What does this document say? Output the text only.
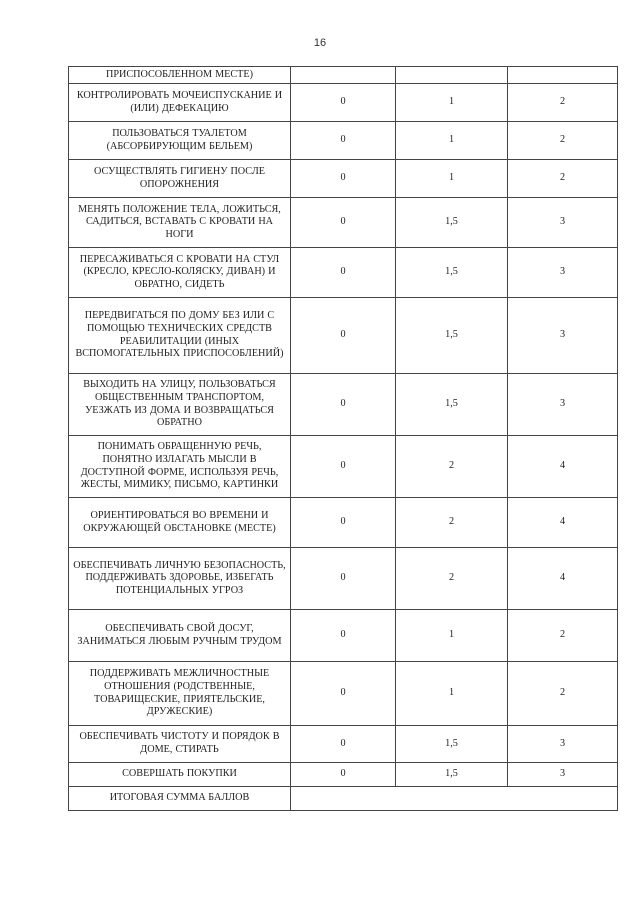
16
ПРИСПОСОБЛЕННОМ МЕСТЕ)			
КОНТРОЛИРОВАТЬ МОЧЕИСПУСКАНИЕ И (ИЛИ) ДЕФЕКАЦИЮ	0	1	2
ПОЛЬЗОВАТЬСЯ ТУАЛЕТОМ (АБСОРБИРУЮЩИМ БЕЛЬЕМ)	0	1	2
ОСУЩЕСТВЛЯТЬ ГИГИЕНУ ПОСЛЕ ОПОРОЖНЕНИЯ	0	1	2
МЕНЯТЬ ПОЛОЖЕНИЕ ТЕЛА, ЛОЖИТЬСЯ, САДИТЬСЯ, ВСТАВАТЬ С КРОВАТИ НА НОГИ	0	1,5	3
ПЕРЕСАЖИВАТЬСЯ С КРОВАТИ НА СТУЛ (КРЕСЛО, КРЕСЛО-КОЛЯСКУ, ДИВАН) И ОБРАТНО, СИДЕТЬ	0	1,5	3
ПЕРЕДВИГАТЬСЯ ПО ДОМУ БЕЗ ИЛИ С ПОМОЩЬЮ ТЕХНИЧЕСКИХ СРЕДСТВ РЕАБИЛИТАЦИИ (ИНЫХ ВСПОМОГАТЕЛЬНЫХ ПРИСПОСОБЛЕНИЙ)	0	1,5	3
ВЫХОДИТЬ НА УЛИЦУ, ПОЛЬЗОВАТЬСЯ ОБЩЕСТВЕННЫМ ТРАНСПОРТОМ, УЕЗЖАТЬ ИЗ ДОМА И ВОЗВРАЩАТЬСЯ ОБРАТНО	0	1,5	3
ПОНИМАТЬ ОБРАЩЕННУЮ РЕЧЬ, ПОНЯТНО ИЗЛАГАТЬ МЫСЛИ В ДОСТУПНОЙ ФОРМЕ, ИСПОЛЬЗУЯ РЕЧЬ, ЖЕСТЫ, МИМИКУ, ПИСЬМО, КАРТИНКИ	0	2	4
ОРИЕНТИРОВАТЬСЯ ВО ВРЕМЕНИ И ОКРУЖАЮЩЕЙ ОБСТАНОВКЕ (МЕСТЕ)	0	2	4
ОБЕСПЕЧИВАТЬ ЛИЧНУЮ БЕЗОПАСНОСТЬ, ПОДДЕРЖИВАТЬ ЗДОРОВЬЕ, ИЗБЕГАТЬ ПОТЕНЦИАЛЬНЫХ УГРОЗ	0	2	4
ОБЕСПЕЧИВАТЬ СВОЙ ДОСУГ, ЗАНИМАТЬСЯ ЛЮБЫМ РУЧНЫМ ТРУДОМ	0	1	2
ПОДДЕРЖИВАТЬ МЕЖЛИЧНОСТНЫЕ ОТНОШЕНИЯ (РОДСТВЕННЫЕ, ТОВАРИЩЕСКИЕ, ПРИЯТЕЛЬСКИЕ, ДРУЖЕСКИЕ)	0	1	2
ОБЕСПЕЧИВАТЬ ЧИСТОТУ И ПОРЯДОК В ДОМЕ, СТИРАТЬ	0	1,5	3
СОВЕРШАТЬ ПОКУПКИ	0	1,5	3
ИТОГОВАЯ СУММА БАЛЛОВ			
